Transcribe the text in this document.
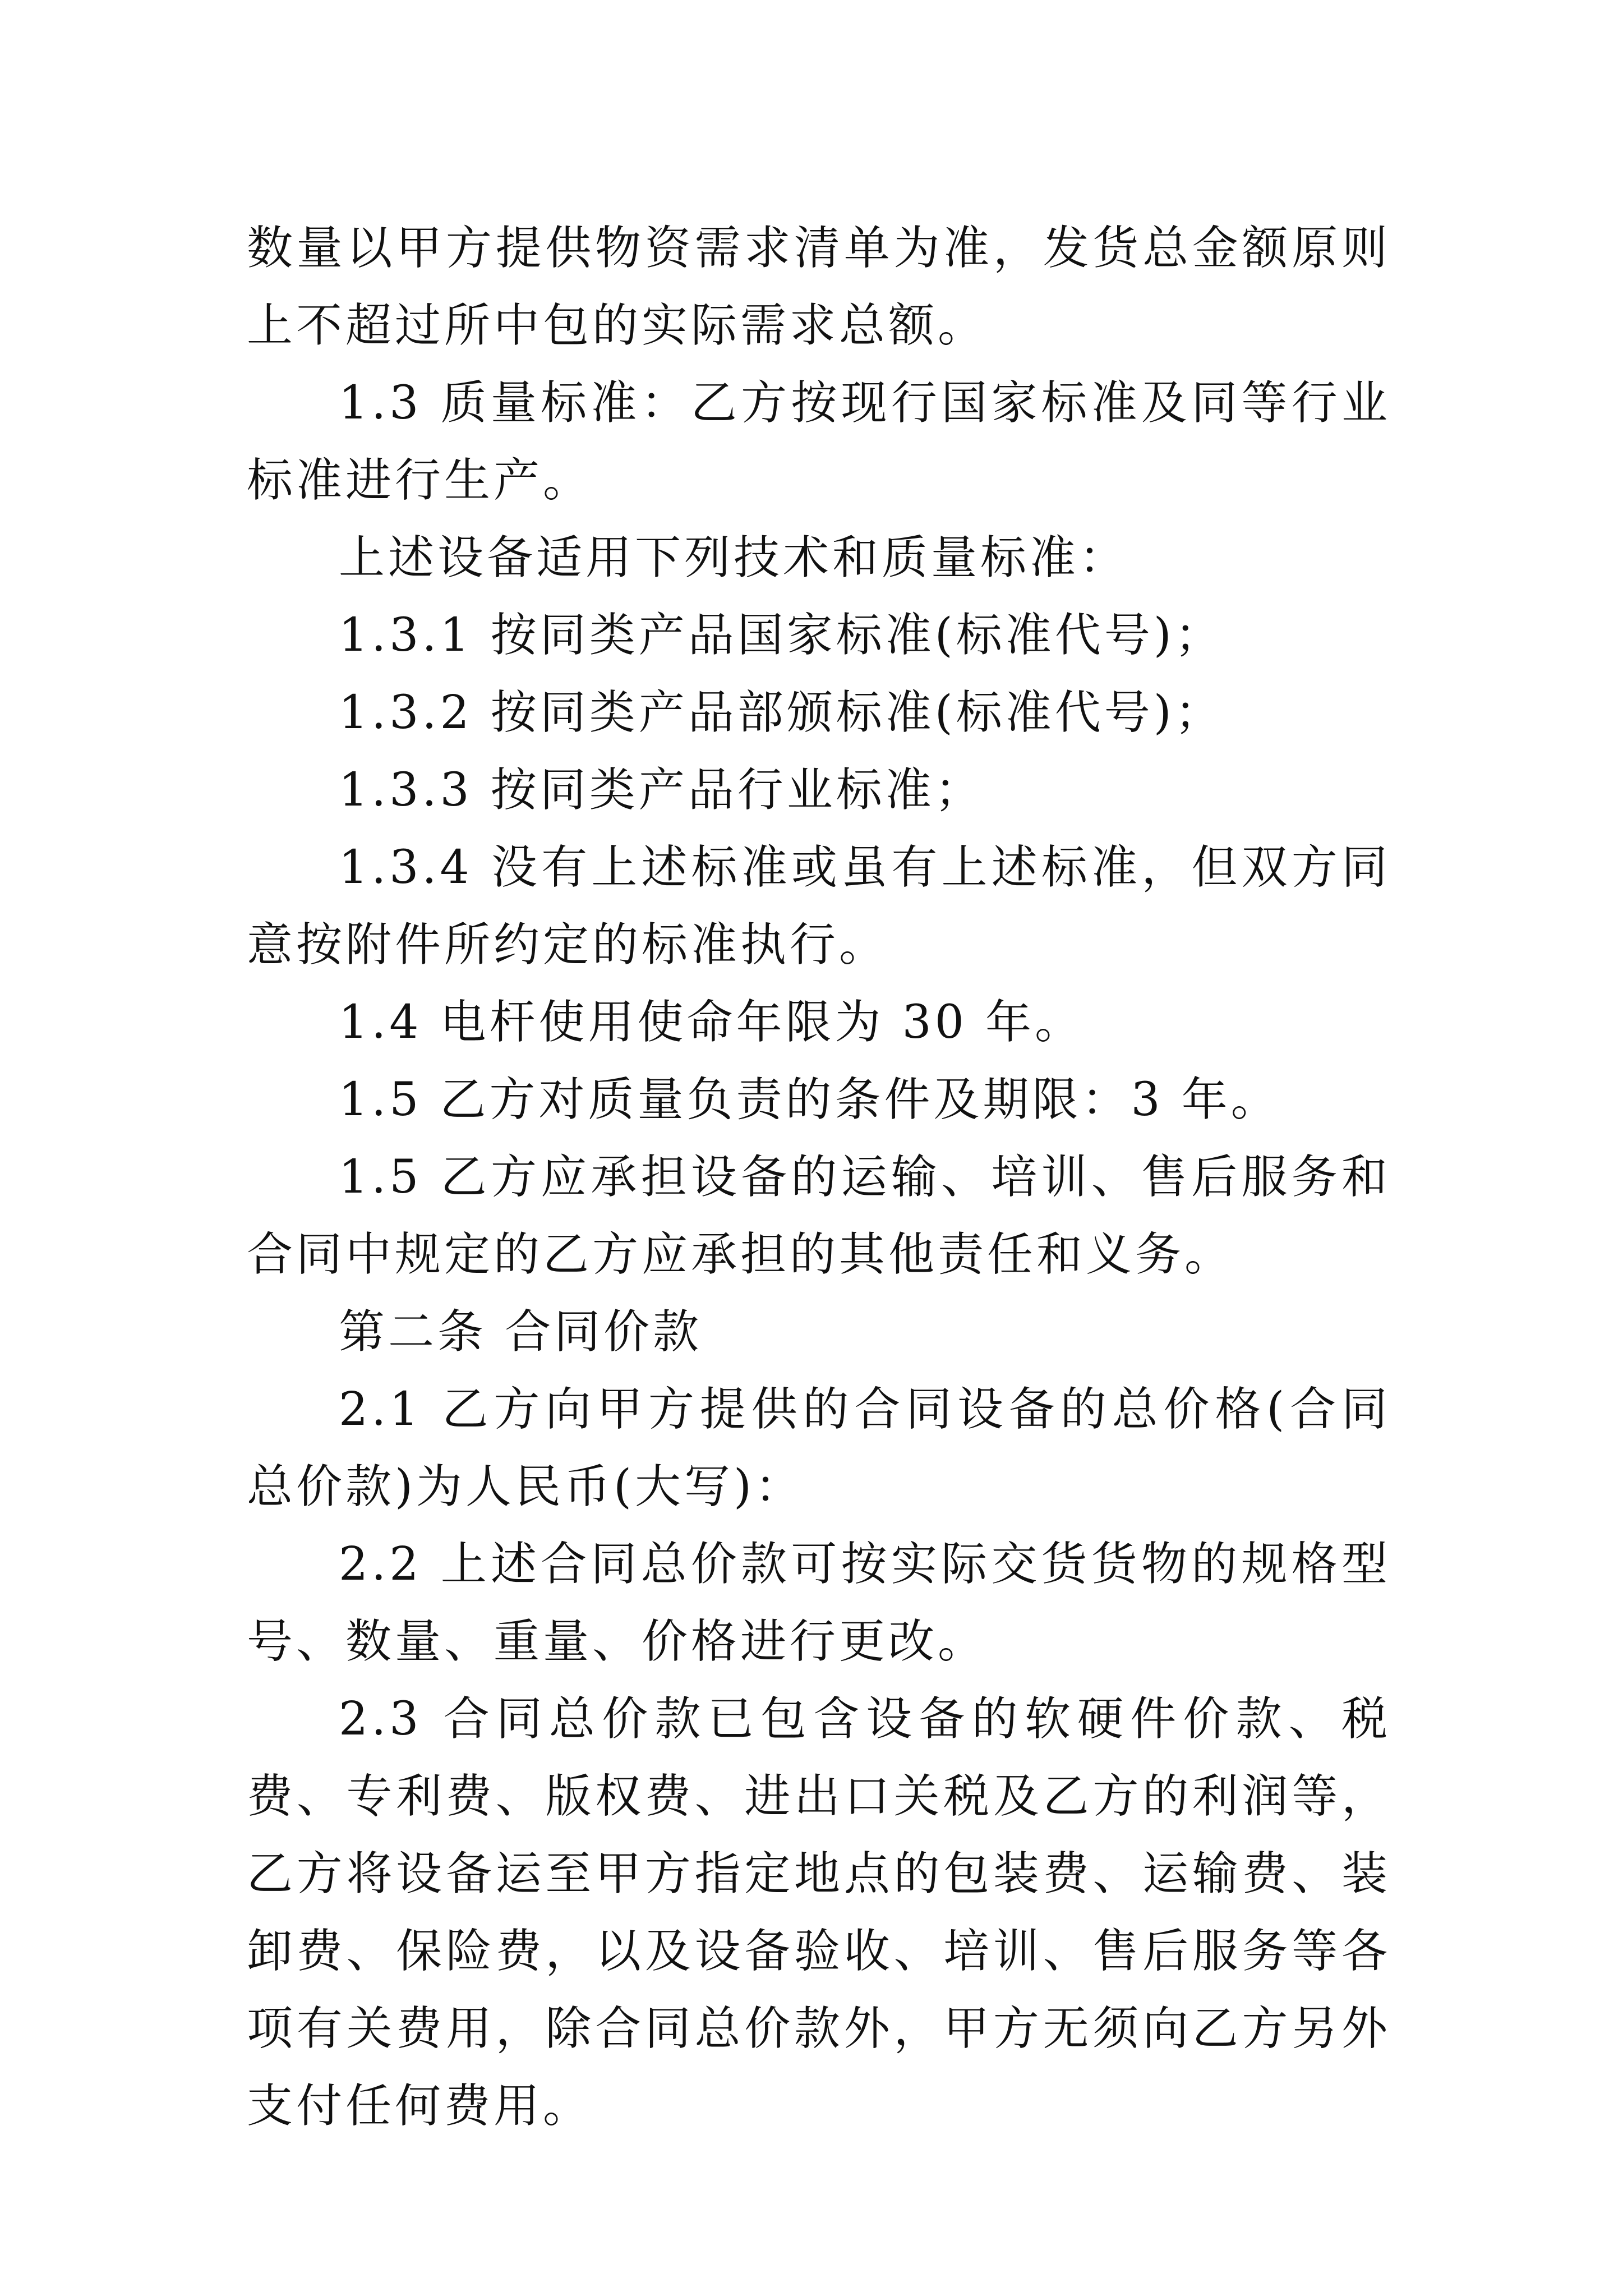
数量以甲方提供物资需求清单为准，发货总金额原则上不超过所中包的实际需求总额。

1.3 质量标准：乙方按现行国家标准及同等行业标准进行生产。

上述设备适用下列技术和质量标准：

1.3.1 按同类产品国家标准(标准代号)；

1.3.2 按同类产品部颁标准(标准代号)；

1.3.3 按同类产品行业标准；

1.3.4 没有上述标准或虽有上述标准，但双方同意按附件所约定的标准执行。

1.4 电杆使用使命年限为 30 年。

1.5 乙方对质量负责的条件及期限：3 年。

1.5 乙方应承担设备的运输、培训、售后服务和合同中规定的乙方应承担的其他责任和义务。

第二条 合同价款

2.1 乙方向甲方提供的合同设备的总价格(合同总价款)为人民币(大写)：

2.2 上述合同总价款可按实际交货货物的规格型号、数量、重量、价格进行更改。

2.3 合同总价款已包含设备的软硬件价款、税费、专利费、版权费、进出口关税及乙方的利润等，乙方将设备运至甲方指定地点的包装费、运输费、装卸费、保险费，以及设备验收、培训、售后服务等各项有关费用，除合同总价款外，甲方无须向乙方另外支付任何费用。
